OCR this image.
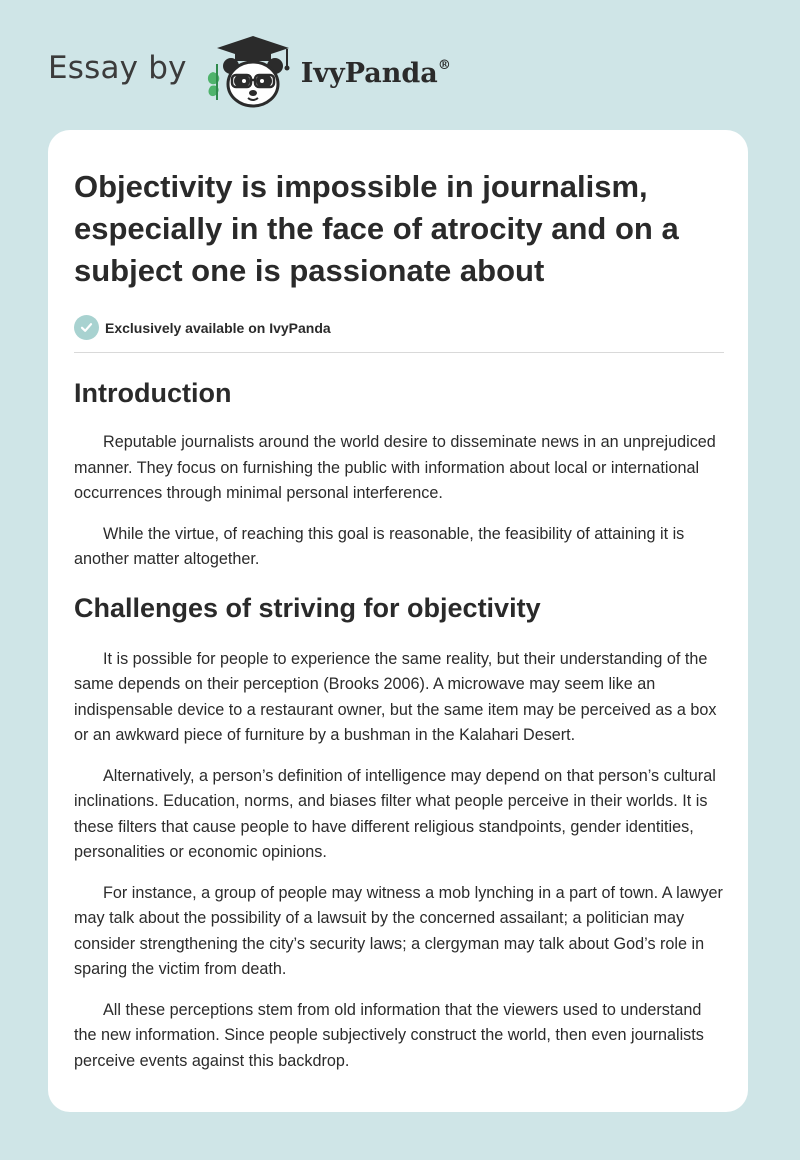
Essay by	IvyPanda®
Objectivity is impossible in journalism, especially in the face of atrocity and on a subject one is passionate about
Exclusively available on IvyPanda
Introduction

Reputable journalists around the world desire to disseminate news in an unprejudiced manner. They focus on furnishing the public with information about local or international occurrences through minimal personal interference.

While the virtue, of reaching this goal is reasonable, the feasibility of attaining it is another matter altogether.

Challenges of striving for objectivity

It is possible for people to experience the same reality, but their understanding of the same depends on their perception (Brooks 2006). A microwave may seem like an indispensable device to a restaurant owner, but the same item may be perceived as a box or an awkward piece of furniture by a bushman in the Kalahari Desert.

Alternatively, a person’s definition of intelligence may depend on that person’s cultural inclinations. Education, norms, and biases filter what people perceive in their worlds. It is these filters that cause people to have different religious standpoints, gender identities, personalities or economic opinions.

For instance, a group of people may witness a mob lynching in a part of town. A lawyer may talk about the possibility of a lawsuit by the concerned assailant; a politician may consider strengthening the city’s security laws; a clergyman may talk about God’s role in sparing the victim from death.

All these perceptions stem from old information that the viewers used to understand the new information. Since people subjectively construct the world, then even journalists perceive events against this backdrop.
